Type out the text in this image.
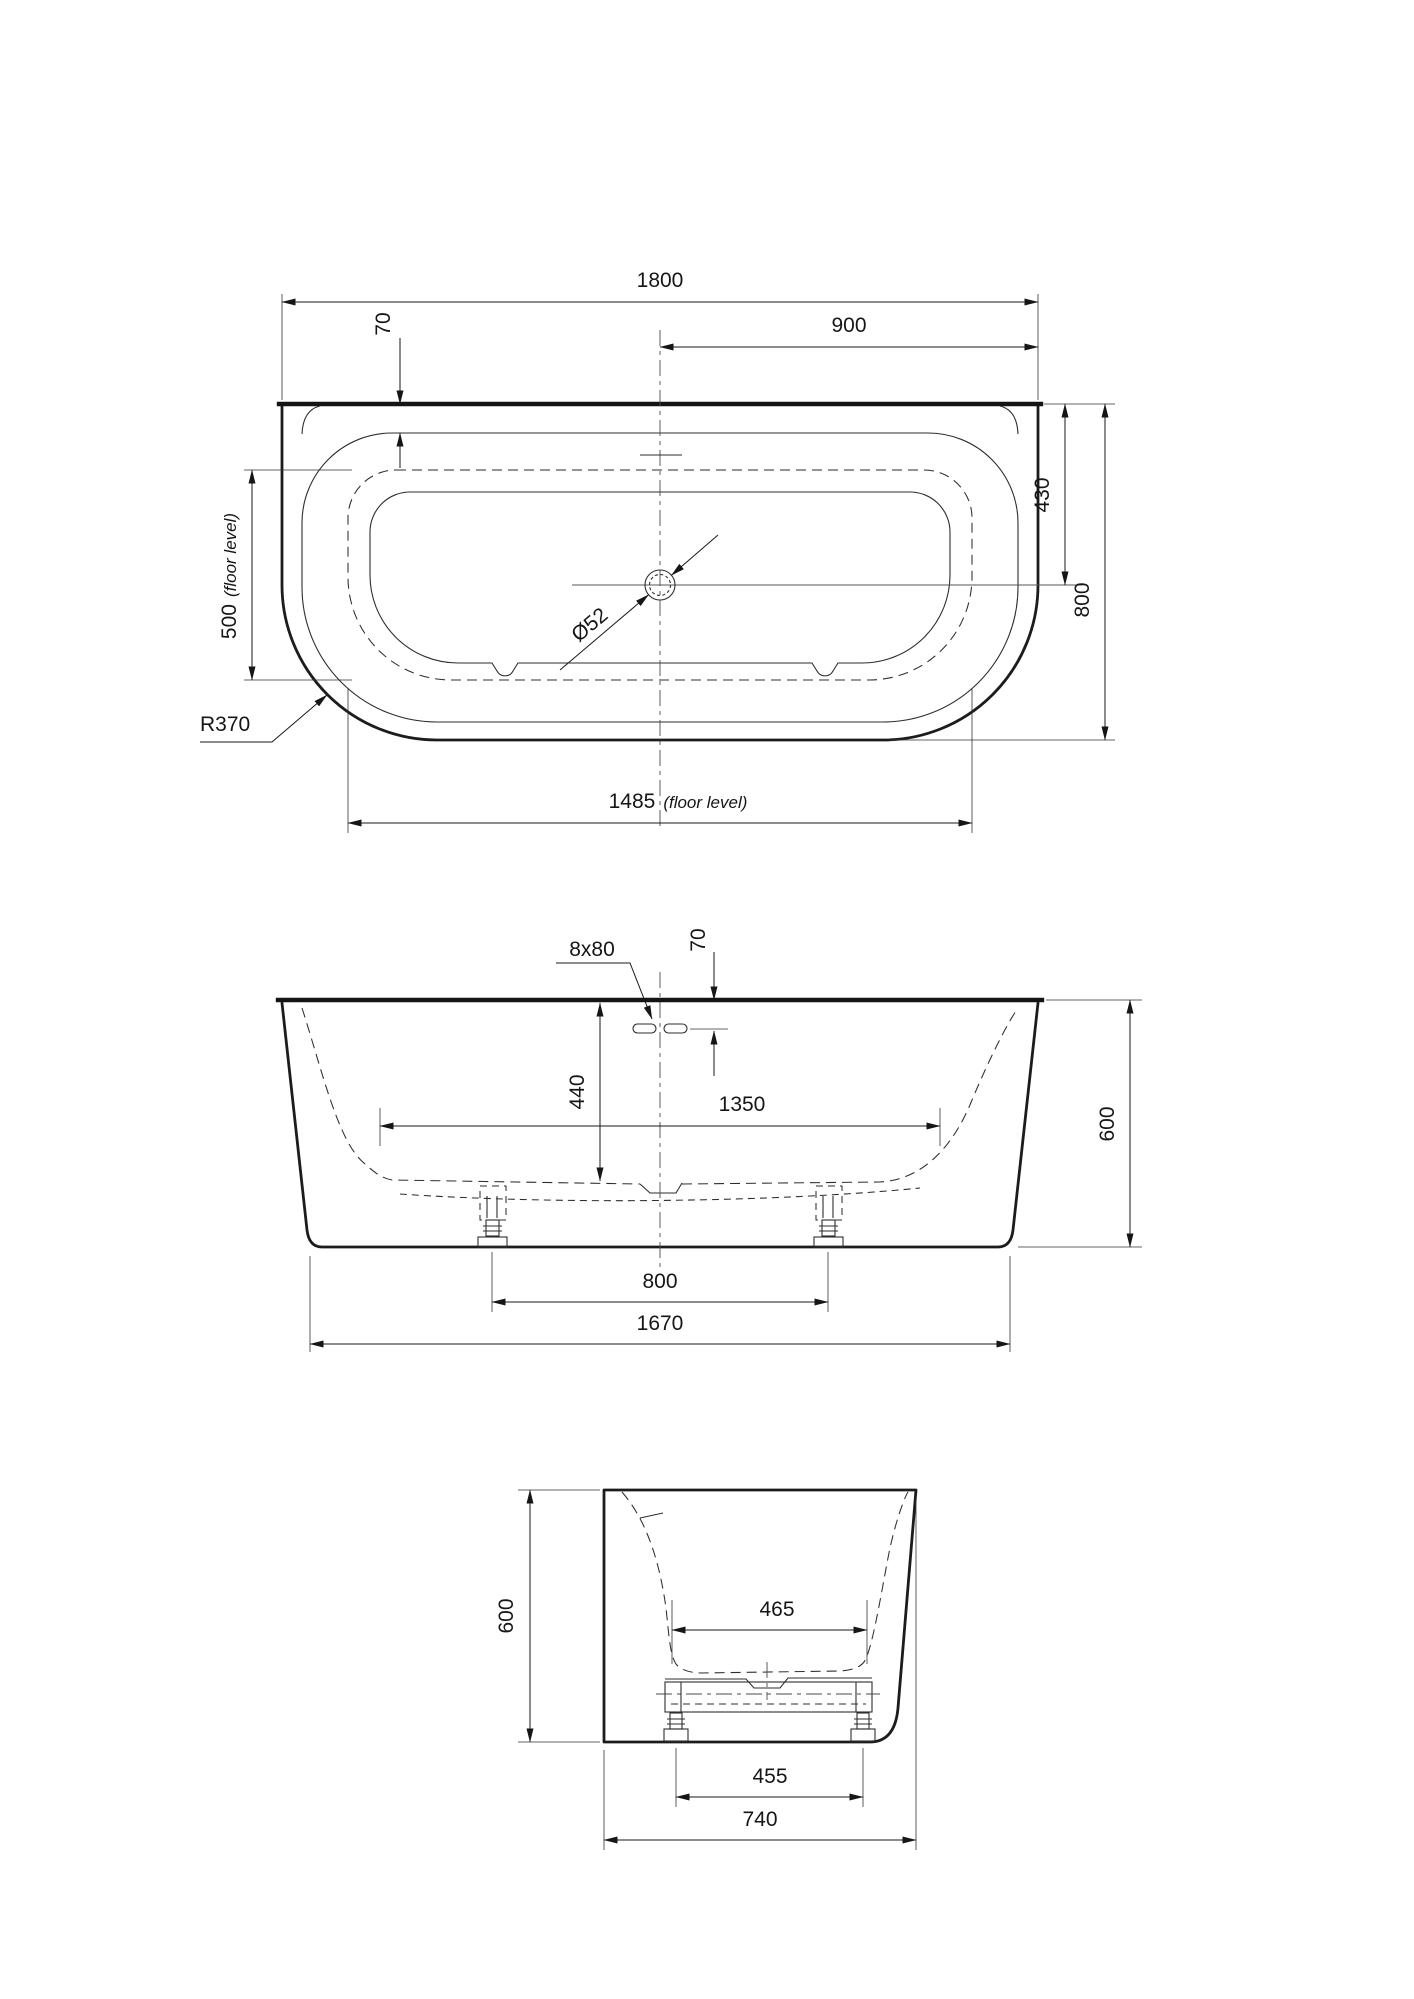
Ø52
1800
900
70
430
800
500(floor level)
R370
1485 (floor level)
8x80	70
440	1350
600
800
1670
600	465
455
740
